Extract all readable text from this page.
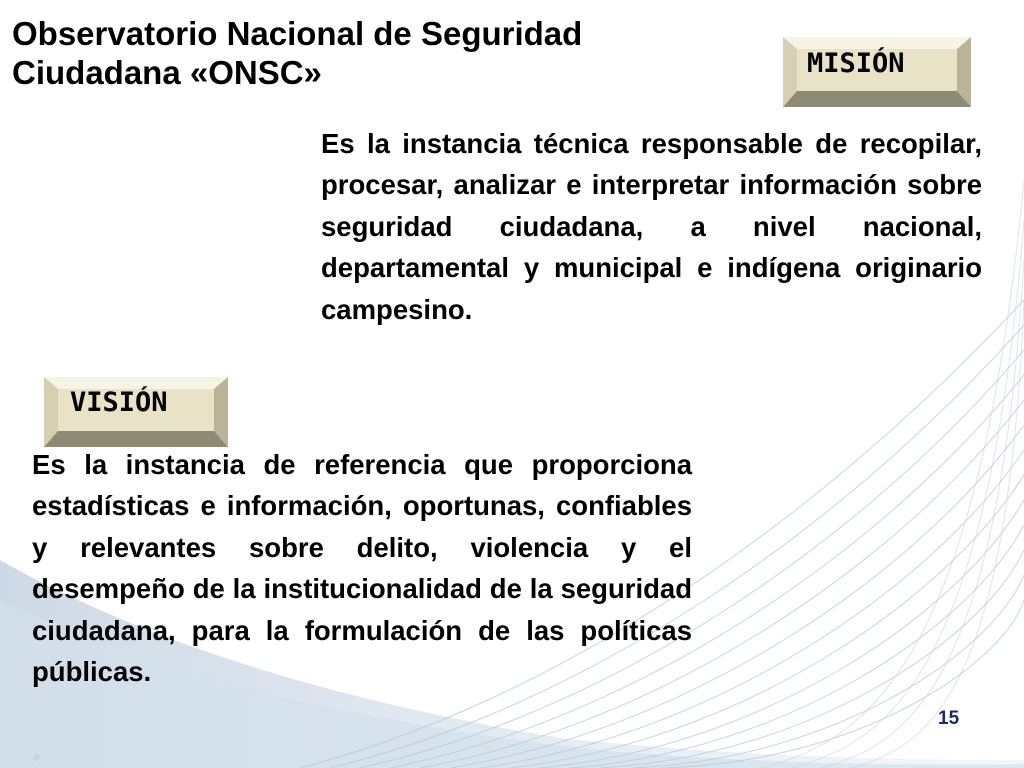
Observatorio Nacional de Seguridad
Ciudadana «ONSC»	MISIÓN

Es la instancia técnica responsable de recopilar, procesar, analizar e interpretar información sobre seguridad ciudadana, a nivel nacional, departamental y municipal e indígena originario campesino.

VISIÓN

Es la instancia de referencia que proporciona estadísticas e información, oportunas, confiables y relevantes sobre delito, violencia y el desempeño de la institucionalidad de la seguridad ciudadana, para la formulación de las políticas públicas.

15
